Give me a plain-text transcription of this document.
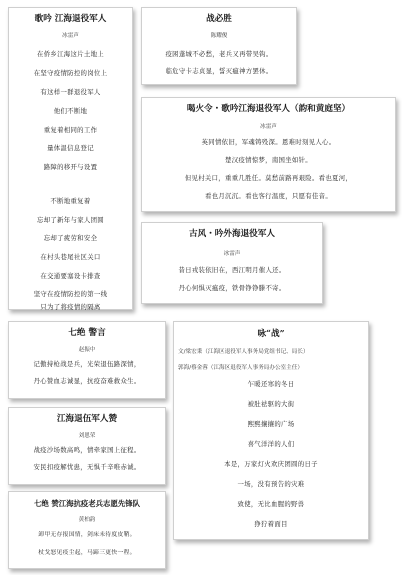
歌吟 江海退役军人
冰雷声
在侨乡江海这片土地上
在坚守疫情防控的岗位上
有这样一群退役军人
他们不断地
重复着相同的工作
量体温信息登记
路障的移开与设置
不断地重复着
忘却了新年与家人团圆
忘却了疲劳和安全
在村头巷尾社区关口
在交通要塞设卡排查
坚守在疫情防控的第一线
只为了将疫情的隔离
战必胜
陈耀俊
疫困蓬城不必愁，老兵又再带吴钩。
临危守卡志贞显，誓灭瘟神方罢休。
喝火令・歌吟江海退役军人（韵和黄庭坚）
冰雷声
英同情依旧，军魂铸殁深。恩难时刻见人心。
楚汉疫情惊梦，南国坐如针。
但见村关口，重重几胜任。莫愁前路再艰险。看也夏河，
看也月沉沉。看也客行温度，只愿有佳音。
古风・吟外海退役军人
冰雷声
昔日戎装依旧在，西江明月催人还。
丹心何惧灭瘟疫，铁骨铮铮滕不寄。
七绝 警言
赵振中
记傲持枪战是兵，光荣退伍路深情，
丹心赞血志诚显，抗疫奋难救众生。
咏“战”
文/梁宏秉（江海区退役军人事务局党组书记、局长）
郭海/蔡金蓉（江海区退役军人事务局办公室主任）
乍暖还寒的冬日
被肚祛驱的大街
熙熙攘攘的广场
喜气洋洋的人们
本是，万家灯火欢庆团圆的日子
一场，没有预告的灾难
致使，无比血腥的野兽
狰狞着面目
江海退伍军人赞
刘恩荣
战疫沙场数高鸣，情牵家国上征程。
安民扣疫解忧患，无惧千辛唯赤诚。
七绝 赞江海抗疫老兵志愿先锋队
黄柏韵
卸甲无存报国情，剑床未待度皮鞘。
杖戈怒见疫尘起，马蹄三更快一程。
